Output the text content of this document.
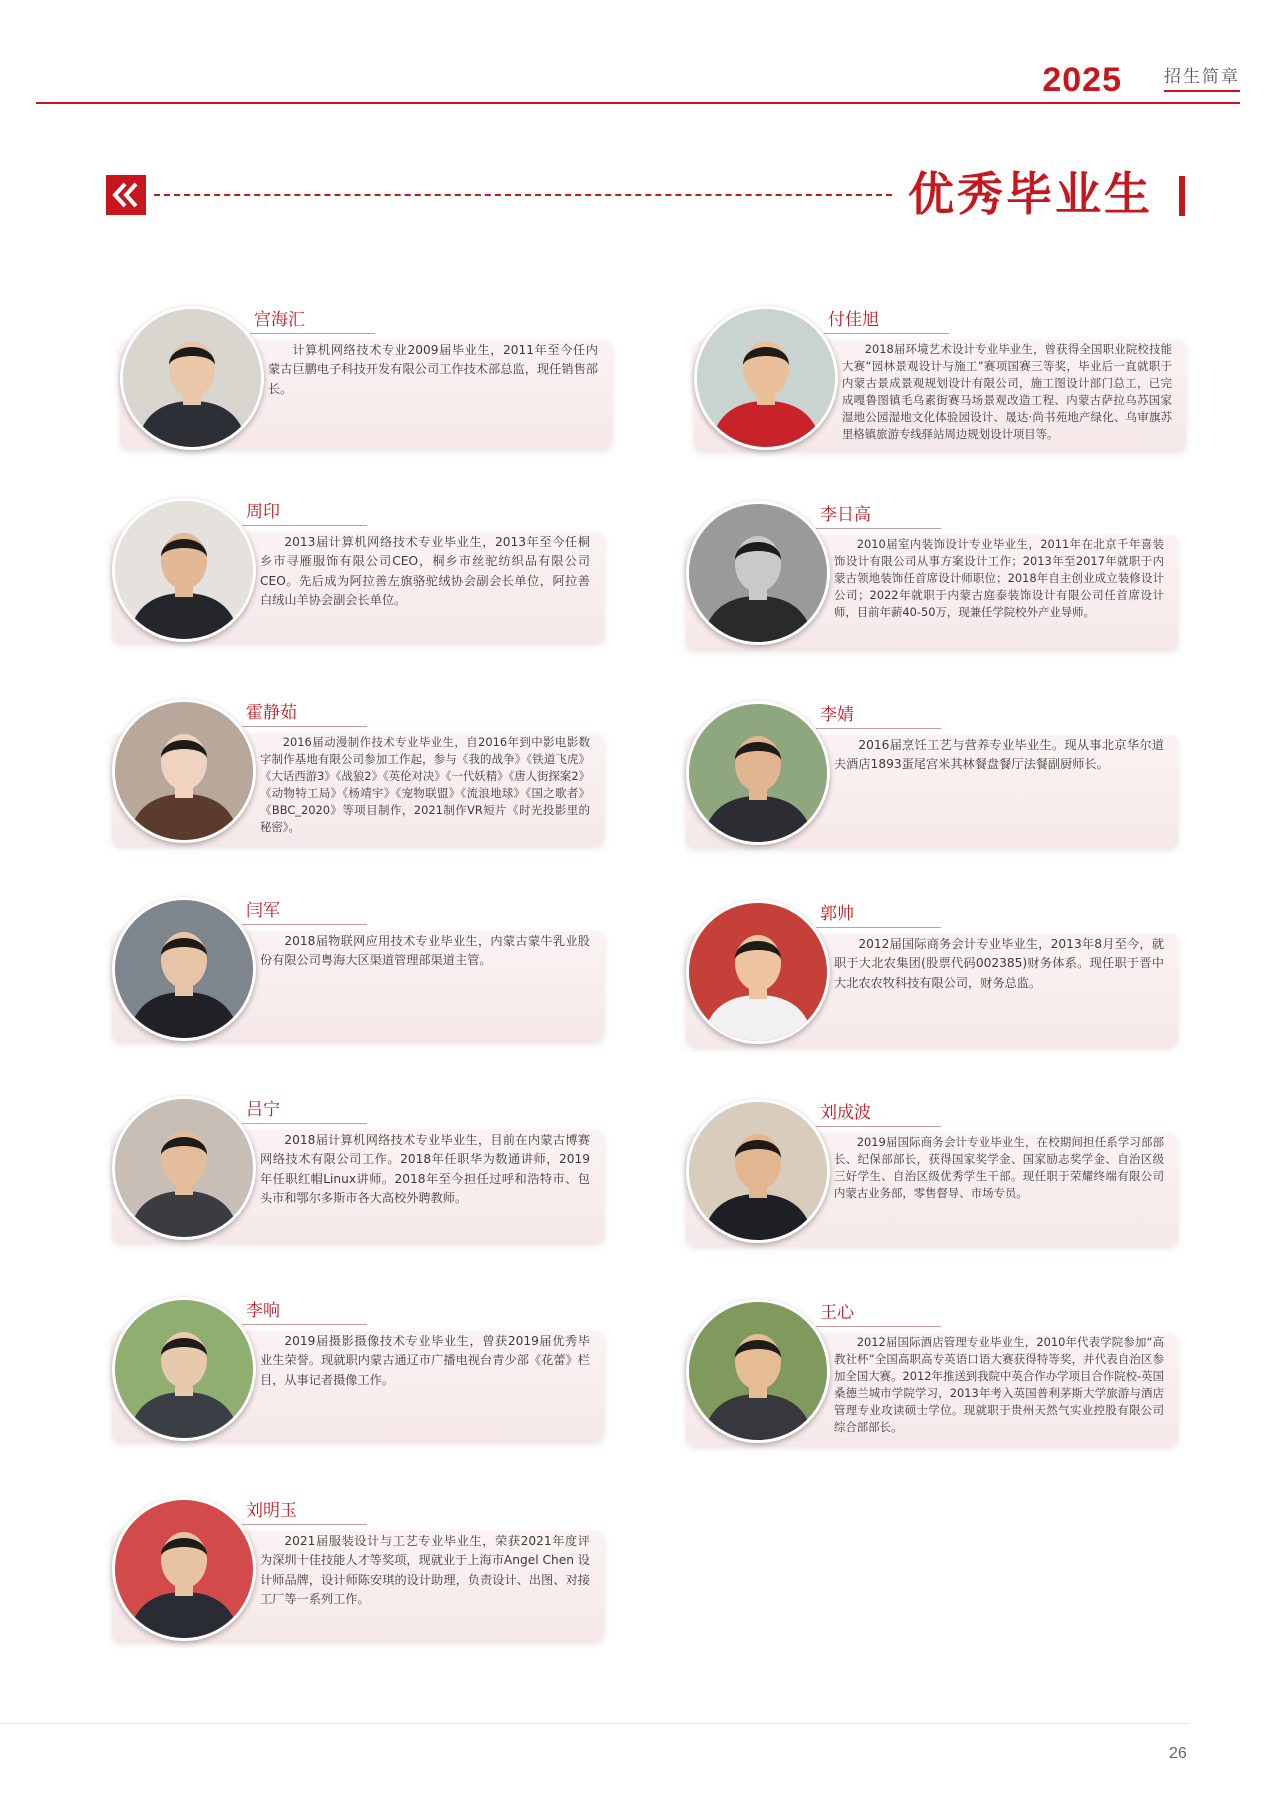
2025 招生简章
优秀毕业生
宫海汇
计算机网络技术专业2009届毕业生，2011年至今任内蒙古巨鹏电子科技开发有限公司工作技术部总监，现任销售部长。
周印
2013届计算机网络技术专业毕业生，2013年至今任桐乡市寻雁服饰有限公司CEO，桐乡市丝驼纺织品有限公司CEO。先后成为阿拉善左旗骆驼绒协会副会长单位，阿拉善白绒山羊协会副会长单位。
霍静茹
2016届动漫制作技术专业毕业生，自2016年到中影电影数字制作基地有限公司参加工作起，参与《我的战争》《铁道飞虎》《大话西游3》《战狼2》《英伦对决》《一代妖精》《唐人街探案2》《动物特工局》《杨靖宇》《宠物联盟》《流浪地球》《国之歌者》《BBC_2020》等项目制作，2021制作VR短片《时光投影里的秘密》。
闫军
2018届物联网应用技术专业毕业生，内蒙古蒙牛乳业股份有限公司粤海大区渠道管理部渠道主管。
吕宁
2018届计算机网络技术专业毕业生，目前在内蒙古博赛网络技术有限公司工作。2018年任职华为数通讲师，2019年任职红帽Linux讲师。2018年至今担任过呼和浩特市、包头市和鄂尔多斯市各大高校外聘教师。
李响
2019届摄影摄像技术专业毕业生，曾获2019届优秀毕业生荣誉。现就职内蒙古通辽市广播电视台青少部《花蕾》栏目，从事记者摄像工作。
刘明玉
2021届服装设计与工艺专业毕业生，荣获2021年度评为深圳十佳技能人才等奖项，现就业于上海市Angel Chen 设计师品牌，设计师陈安琪的设计助理，负责设计、出图、对接工厂等一系列工作。
付佳旭
2018届环境艺术设计专业毕业生，曾获得全国职业院校技能大赛“园林景观设计与施工”赛项国赛三等奖，毕业后一直就职于内蒙古景成景观规划设计有限公司，施工图设计部门总工，已完成嘎鲁图镇毛乌素街赛马场景观改造工程、内蒙古萨拉乌苏国家湿地公园湿地文化体验园设计、晟达·尚书苑地产绿化、乌审旗苏里格镇旅游专线驿站周边规划设计项目等。
李日高
2010届室内装饰设计专业毕业生，2011年在北京千年喜装饰设计有限公司从事方案设计工作；2013年至2017年就职于内蒙古领地装饰任首席设计师职位；2018年自主创业成立装修设计公司；2022年就职于内蒙古庭泰装饰设计有限公司任首席设计师，目前年薪40-50万，现兼任学院校外产业导师。
李婧
2016届烹饪工艺与营养专业毕业生。现从事北京华尔道夫酒店1893蛋尾宫米其林餐盘餐厅法餐副厨师长。
郭帅
2012届国际商务会计专业毕业生，2013年8月至今，就职于大北农集团(股票代码002385)财务体系。现任职于晋中大北农农牧科技有限公司，财务总监。
刘成波
2019届国际商务会计专业毕业生，在校期间担任系学习部部长、纪保部部长，获得国家奖学金、国家励志奖学金、自治区级三好学生、自治区级优秀学生干部。现任职于荣耀终端有限公司内蒙古业务部，零售督导、市场专员。
王心
2012届国际酒店管理专业毕业生，2010年代表学院参加“高教社杯”全国高职高专英语口语大赛获得特等奖，并代表自治区参加全国大赛。2012年推送到我院中英合作办学项目合作院校-英国桑德兰城市学院学习，2013年考入英国普利茅斯大学旅游与酒店管理专业攻读硕士学位。现就职于贵州天然气实业控股有限公司综合部部长。
26
